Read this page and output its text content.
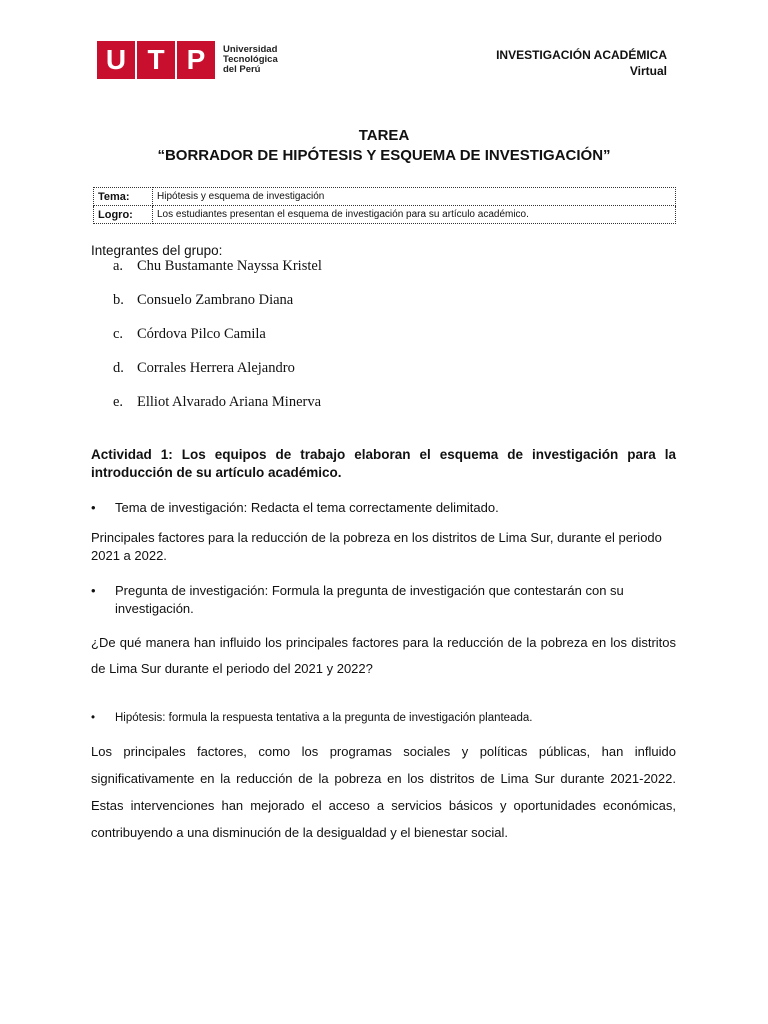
U T P	Universidad
Tecnológica
del Perú
INVESTIGACIÓN ACADÉMICA
Virtual
TAREA
“BORRADOR DE HIPÓTESIS Y ESQUEMA DE INVESTIGACIÓN”
Tema:	Hipótesis y esquema de investigación
Logro:	Los estudiantes presentan el esquema de investigación para su artículo académico.
Integrantes del grupo:
a. Chu Bustamante Nayssa Kristel
b. Consuelo Zambrano Diana
c. Córdova Pilco Camila
d. Corrales Herrera Alejandro
e. Elliot Alvarado Ariana Minerva
Actividad 1: Los equipos de trabajo elaboran el esquema de investigación para la introducción de su artículo académico.
• Tema de investigación: Redacta el tema correctamente delimitado.
Principales factores para la reducción de la pobreza en los distritos de Lima Sur, durante el periodo 2021 a 2022.
• Pregunta de investigación: Formula la pregunta de investigación que contestarán con su investigación.
¿De qué manera han influido los principales factores para la reducción de la pobreza en los distritos de Lima Sur durante el periodo del 2021 y 2022?
• Hipótesis: formula la respuesta tentativa a la pregunta de investigación planteada.
Los principales factores, como los programas sociales y políticas públicas, han influido significativamente en la reducción de la pobreza en los distritos de Lima Sur durante 2021-2022. Estas intervenciones han mejorado el acceso a servicios básicos y oportunidades económicas, contribuyendo a una disminución de la desigualdad y el bienestar social.
